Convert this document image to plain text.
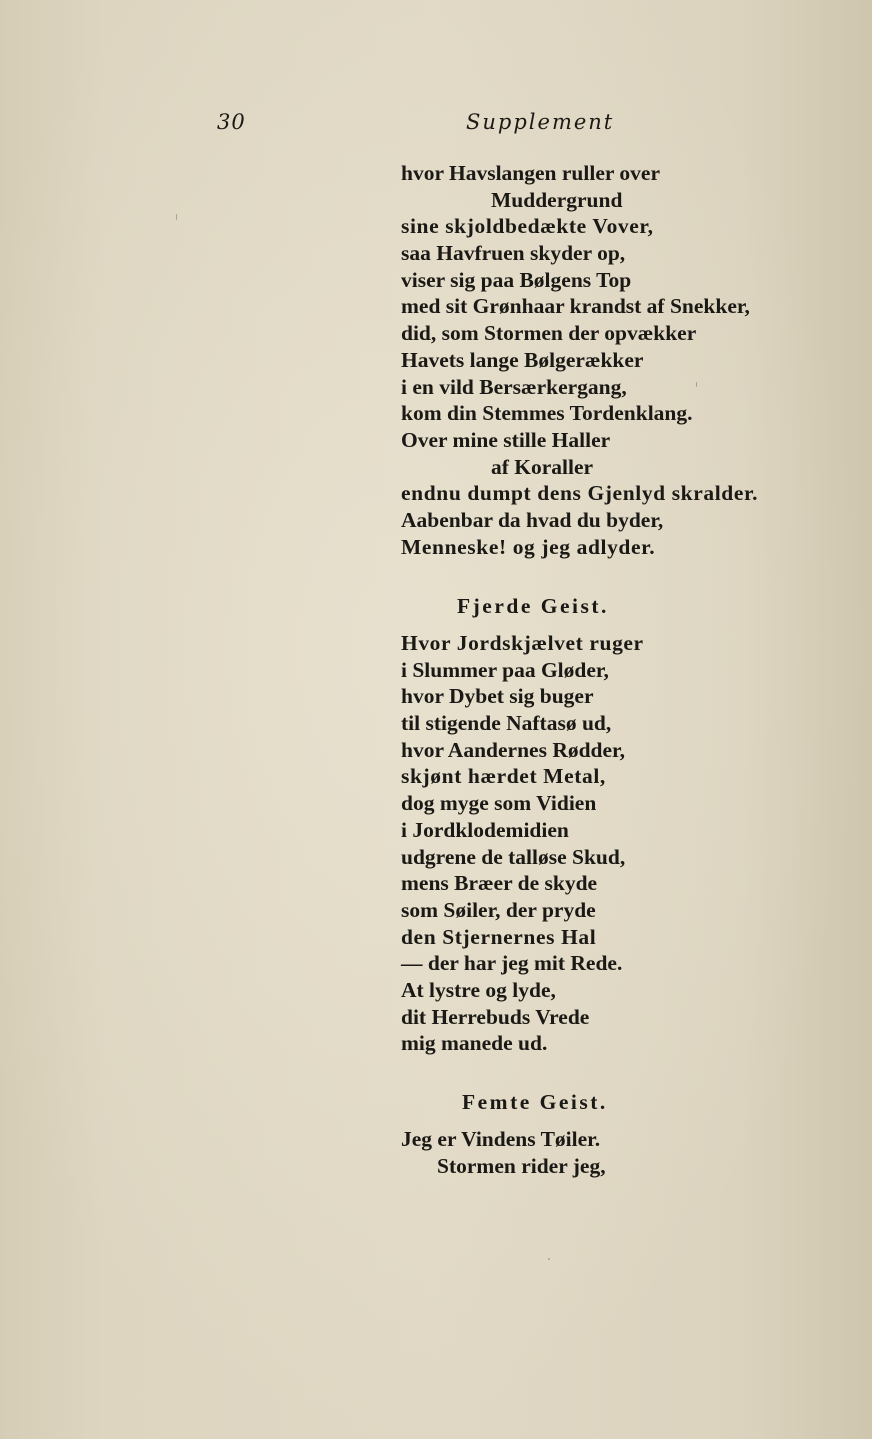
30	Supplement
hvor Havslangen ruller over
Muddergrund
sine skjoldbedækte Vover,
saa Havfruen skyder op,
viser sig paa Bølgens Top
med sit Grønhaar krandst af Snekker,
did, som Stormen der opvækker
Havets lange Bølgerækker
i en vild Bersærkergang,
kom din Stemmes Tordenklang.
Over mine stille Haller
af Koraller
endnu dumpt dens Gjenlyd skralder.
Aabenbar da hvad du byder,
Menneske! og jeg adlyder.
Fjerde Geist.
Hvor Jordskjælvet ruger
i Slummer paa Gløder,
hvor Dybet sig buger
til stigende Naftasø ud,
hvor Aandernes Rødder,
skjønt hærdet Metal,
dog myge som Vidien
i Jordklodemidien
udgrene de talløse Skud,
mens Bræer de skyde
som Søiler, der pryde
den Stjernernes Hal
— der har jeg mit Rede.
At lystre og lyde,
dit Herrebuds Vrede
mig manede ud.
Femte Geist.
Jeg er Vindens Tøiler.
Stormen rider jeg,
